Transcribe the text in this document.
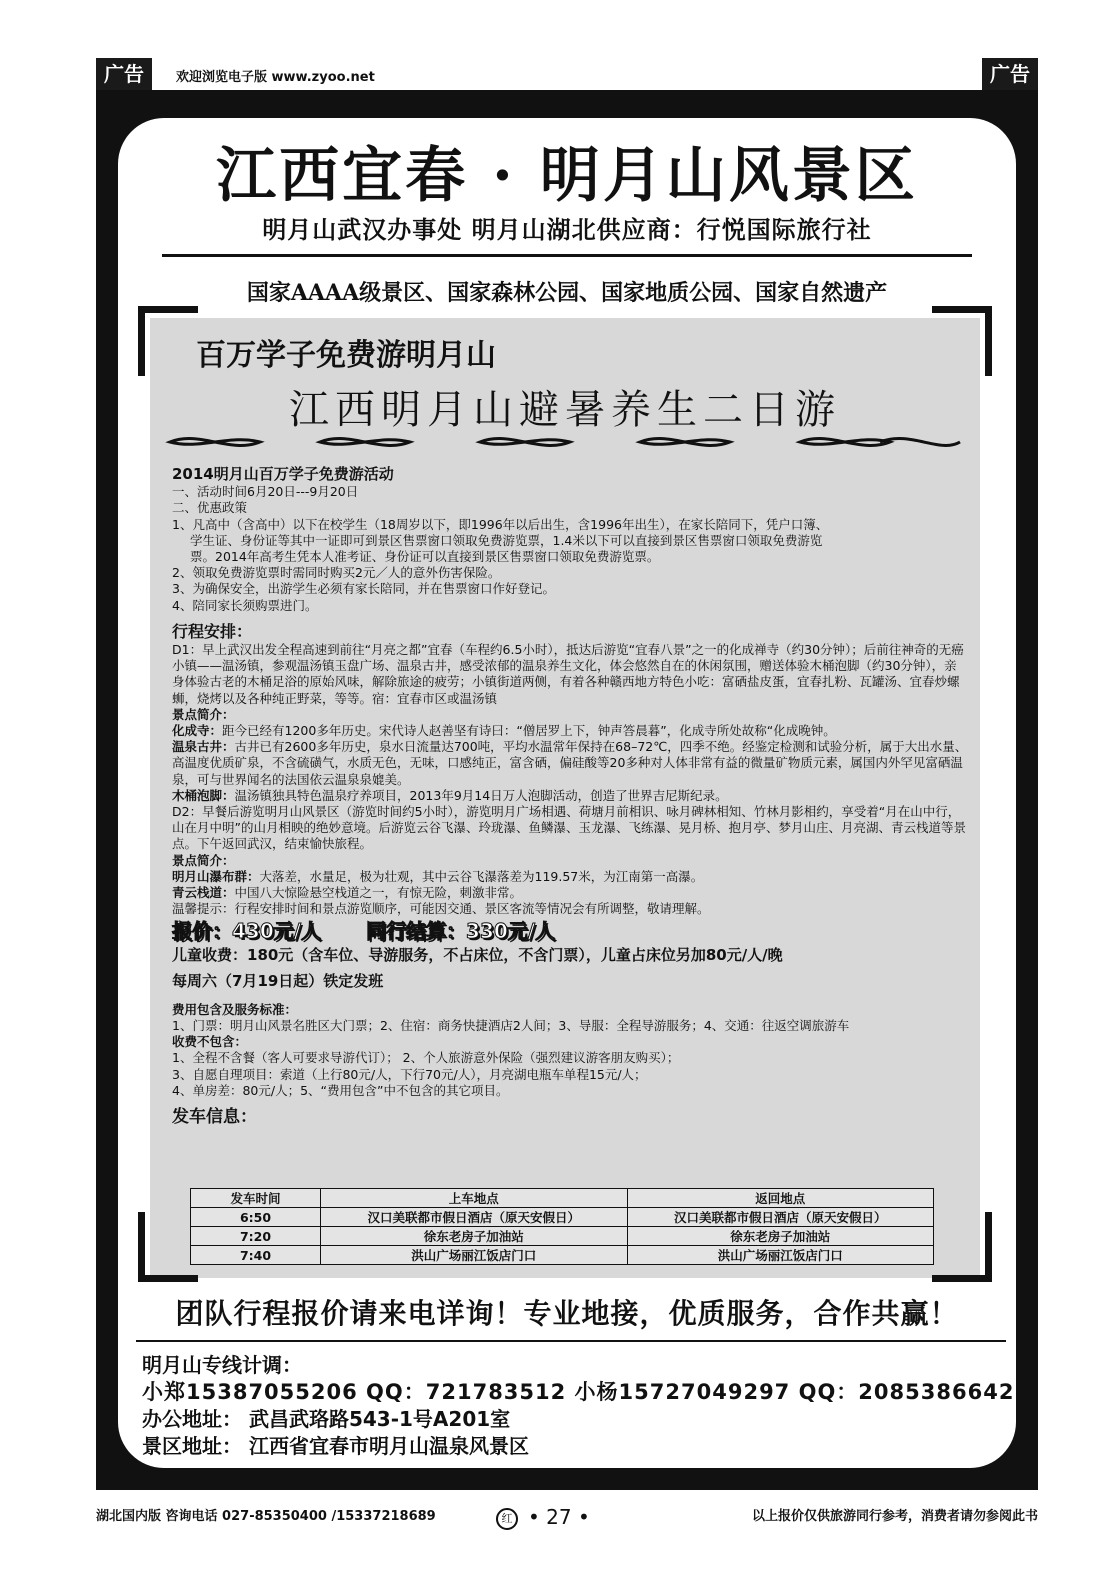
广告	欢迎浏览电子版 www.zyoo.net	广告
江西宜春 · 明月山风景区
明月山武汉办事处 明月山湖北供应商：行悦国际旅行社
国家AAAA级景区、国家森林公园、国家地质公园、国家自然遗产
百万学子免费游明月山
江西明月山避暑养生二日游
2014明月山百万学子免费游活动
一、活动时间6月20日---9月20日
二、优惠政策
1、凡高中（含高中）以下在校学生（18周岁以下，即1996年以后出生，含1996年出生），在家长陪同下，凭户口簿、
学生证、身份证等其中一证即可到景区售票窗口领取免费游览票，1.4米以下可以直接到景区售票窗口领取免费游览
票。2014年高考生凭本人准考证、身份证可以直接到景区售票窗口领取免费游览票。
2、领取免费游览票时需同时购买2元／人的意外伤害保险。
3、为确保安全，出游学生必须有家长陪同，并在售票窗口作好登记。
4、陪同家长须购票进门。
行程安排：
D1：早上武汉出发全程高速到前往“月亮之都”宜春（车程约6.5小时），抵达后游览“宜春八景”之一的化成禅寺（约30分钟）；后前往神奇的无癌小镇——温汤镇，参观温汤镇玉盘广场、温泉古井，感受浓郁的温泉养生文化，体会悠然自在的休闲氛围，赠送体验木桶泡脚（约30分钟），亲身体验古老的木桶足浴的原始风味，解除旅途的疲劳；小镇街道两侧，有着各种赣西地方特色小吃：富硒盐皮蛋，宜春扎粉、瓦罐汤、宜春炒螺蛳，烧烤以及各种纯正野菜，等等。宿：宜春市区或温汤镇
景点简介：
化成寺：距今已经有1200多年历史。宋代诗人赵善坚有诗曰：“僧居罗上下，钟声答晨暮”，化成寺所处故称“化成晚钟。
温泉古井：古井已有2600多年历史，泉水日流量达700吨，平均水温常年保持在68–72℃，四季不绝。经鉴定检测和试验分析，属于大出水量、高温度优质矿泉，不含硫磺气，水质无色，无味，口感纯正，富含硒，偏硅酸等20多种对人体非常有益的微量矿物质元素，属国内外罕见富硒温泉，可与世界闻名的法国依云温泉泉媲美。
木桶泡脚：温汤镇独具特色温泉疗养项目，2013年9月14日万人泡脚活动，创造了世界吉尼斯纪录。
D2：早餐后游览明月山风景区（游览时间约5小时），游览明月广场相遇、荷塘月前相识、咏月碑林相知、竹林月影相约，享受着“月在山中行，山在月中明”的山月相映的绝妙意境。后游览云谷飞瀑、玲珑瀑、鱼鳞瀑、玉龙瀑、飞练瀑、晃月桥、抱月亭、梦月山庄、月亮湖、青云栈道等景点。下午返回武汉，结束愉快旅程。
景点简介：
明月山瀑布群：大落差，水量足，极为壮观，其中云谷飞瀑落差为119.57米，为江南第一高瀑。
青云栈道：中国八大惊险悬空栈道之一，有惊无险，刺激非常。
温馨提示：行程安排时间和景点游览顺序，可能因交通、景区客流等情况会有所调整，敬请理解。
报价：430元/人 同行结算：330元/人
儿童收费：180元（含车位、导游服务，不占床位，不含门票），儿童占床位另加80元/人/晚
每周六（7月19日起）铁定发班
费用包含及服务标准：
1、门票：明月山风景名胜区大门票；2、住宿：商务快捷酒店2人间；3、导服：全程导游服务；4、交通：往返空调旅游车
收费不包含：
1、全程不含餐（客人可要求导游代订）； 2、个人旅游意外保险（强烈建议游客朋友购买）；
3、自愿自理项目：索道（上行80元/人，下行70元/人），月亮湖电瓶车单程15元/人；
4、单房差：80元/人；5、“费用包含”中不包含的其它项目。
发车信息：
发车时间	上车地点	返回地点
6:50	汉口美联都市假日酒店（原天安假日）	汉口美联都市假日酒店（原天安假日）
7:20	徐东老房子加油站	徐东老房子加油站
7:40	洪山广场丽江饭店门口	洪山广场丽江饭店门口
团队行程报价请来电详询！专业地接，优质服务，合作共赢！
明月山专线计调：
小郑15387055206 QQ：721783512 小杨15727049297 QQ：2085386642
办公地址： 武昌武珞路543-1号A201室
景区地址： 江西省宜春市明月山温泉风景区
湖北国内版 咨询电话 027-85350400 /15337218689	红 • 27 •	以上报价仅供旅游同行参考，消费者请勿参阅此书
